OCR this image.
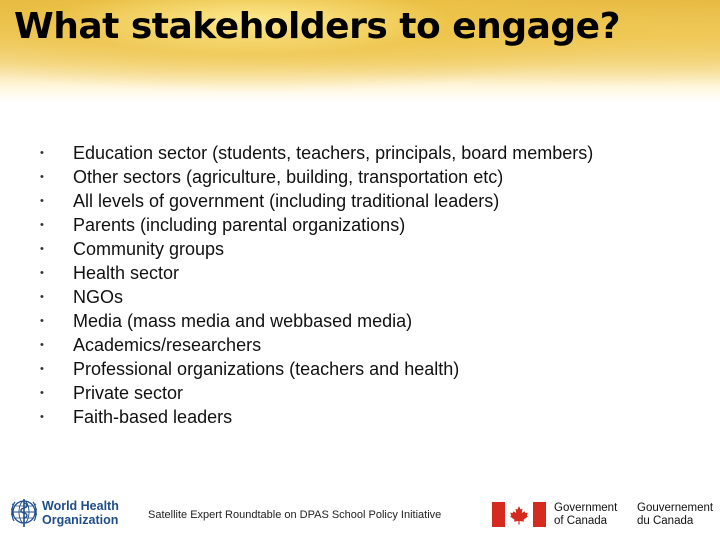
What stakeholders to engage?
• Education sector (students, teachers, principals, board members)
• Other sectors (agriculture, building, transportation etc)
• All levels of government (including traditional leaders)
• Parents (including parental organizations)
• Community groups
• Health sector
• NGOs
• Media (mass media and webbased media)
• Academics/researchers
• Professional organizations (teachers and health)
• Private sector
• Faith-based leaders
World Health
Organization	Satellite Expert Roundtable on DPAS School Policy Initiative
Government
of Canada
Gouvernement
du Canada
